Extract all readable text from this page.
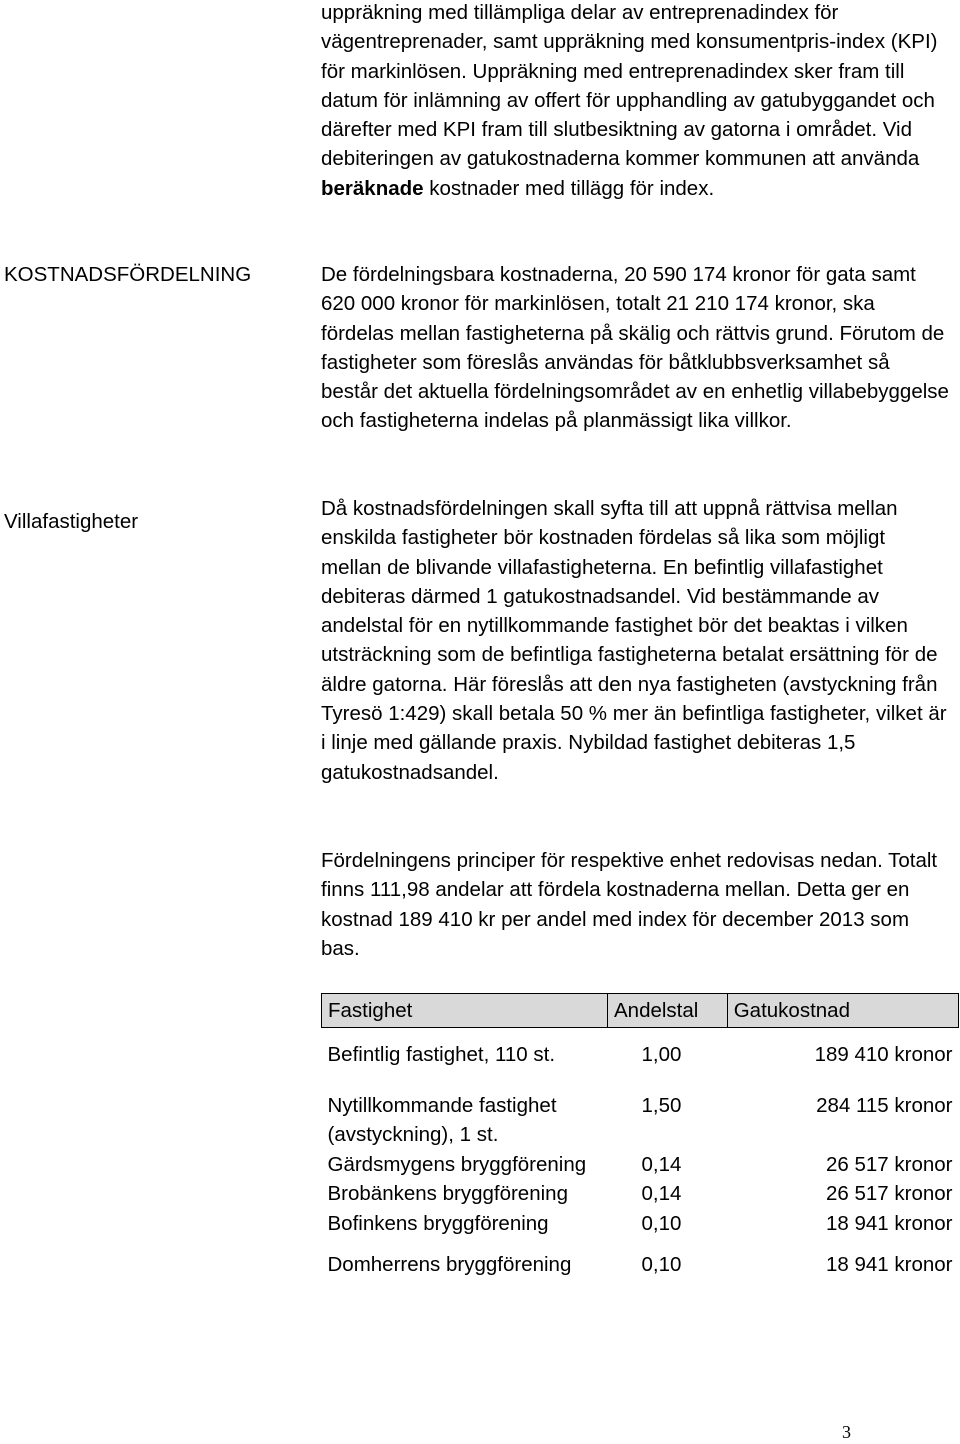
uppräkning med tillämpliga delar av entreprenadindex för vägentreprenader, samt uppräkning med konsumentpris-index (KPI) för markinlösen. Uppräkning med entreprenadindex sker fram till datum för inlämning av offert för upphandling av gatubyggandet och därefter med KPI fram till slutbesiktning av gatorna i området. Vid debiteringen av gatukostnaderna kommer kommunen att använda beräknade kostnader med tillägg för index.

KOSTNADSFÖRDELNING	De fördelningsbara kostnaderna, 20 590 174 kronor för gata samt 620 000 kronor för markinlösen, totalt 21 210 174 kronor, ska fördelas mellan fastigheterna på skälig och rättvis grund. Förutom de fastigheter som föreslås användas för båtklubbsverksamhet så består det aktuella fördelningsområdet av en enhetlig villabebyggelse och fastigheterna indelas på planmässigt lika villkor.

Villafastigheter

Då kostnadsfördelningen skall syfta till att uppnå rättvisa mellan enskilda fastigheter bör kostnaden fördelas så lika som möjligt mellan de blivande villafastigheterna. En befintlig villafastighet debiteras därmed 1 gatukostnadsandel. Vid bestämmande av andelstal för en nytillkommande fastighet bör det beaktas i vilken utsträckning som de befintliga fastigheterna betalat ersättning för de äldre gatorna. Här föreslås att den nya fastigheten (avstyckning från Tyresö 1:429) skall betala 50 % mer än befintliga fastigheter, vilket är i linje med gällande praxis. Nybildad fastighet debiteras 1,5 gatukostnadsandel.

Fördelningens principer för respektive enhet redovisas nedan. Totalt finns 111,98 andelar att fördela kostnaderna mellan. Detta ger en kostnad 189 410 kr per andel med index för december 2013 som bas.

Fastighet	Andelstal	Gatukostnad
Befintlig fastighet, 110 st.	1,00	189 410 kronor
Nytillkommande fastighet (avstyckning), 1 st.	1,50	284 115 kronor
Gärdsmygens bryggförening	0,14	26 517 kronor
Brobänkens bryggförening	0,14	26 517 kronor
Bofinkens bryggförening	0,10	18 941 kronor
Domherrens bryggförening	0,10	18 941 kronor
3
